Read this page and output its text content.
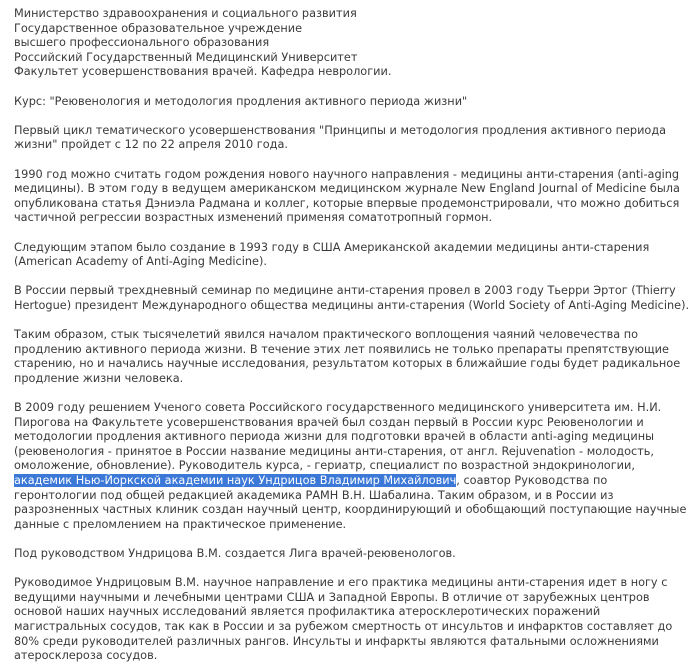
Министерство здравоохранения и социального развития
Государственное образовательное учреждение
высшего профессионального образования
Российский Государственный Медицинский Университет
Факультет усовершенствования врачей. Кафедра неврологии.

Курс: "Реювенология и методология продления активного периода жизни"

Первый цикл тематического усовершенствования "Принципы и методология продления активного периода жизни" пройдет с 12 по 22 апреля 2010 года.

1990 год можно считать годом рождения нового научного направления - медицины анти-старения (anti-aging медицины). В этом году в ведущем американском медицинском журнале New England Journal of Medicine была опубликована статья Дэниэла Радмана и коллег, которые впервые продемонстрировали, что можно добиться частичной регрессии возрастных изменений применяя соматотропный гормон.

Следующим этапом было создание в 1993 году в США Американской академии медицины анти-старения (American Academy of Anti-Aging Medicine).

В России первый трехдневный семинар по медицине анти-старения провел в 2003 году Тьерри Эртог (Thierry Hertogue) президент Международного общества медицины анти-старения (World Society of Anti-Aging Medicine).

Таким образом, стык тысячелетий явился началом практического воплощения чаяний человечества по продлению активного периода жизни. В течение этих лет появились не только препараты препятствующие старению, но и начались научные исследования, результатом которых в ближайшие годы будет радикальное продление жизни человека.

В 2009 году решением Ученого совета Российского государственного медицинского университета им. Н.И. Пирогова на Факультете усовершенствования врачей был создан первый в России курс Реювенологии и методологии продления активного периода жизни для подготовки врачей в области anti-aging медицины (реювенология - принятое в России название медицины анти-старения, от англ. Rejuvenation - молодость, омоложение, обновление). Руководитель курса, - гериатр, специалист по возрастной эндокринологии, академик Нью-Йоркской академии наук Ундрицов Владимир Михайлович, соавтор Руководства по геронтологии под общей редакцией академика РАМН В.Н. Шабалина. Таким образом, и в России из разрозненных частных клиник создан научный центр, координирующий и обобщающий поступающие научные данные с преломлением на практическое применение.

Под руководством Ундрицова В.М. создается Лига врачей-реювенологов.

Руководимое Ундрицовым В.М. научное направление и его практика медицины анти-старения идет в ногу с ведущими научными и лечебными центрами США и Западной Европы. В отличие от зарубежных центров основой наших научных исследований является профилактика атеросклеротических поражений магистральных сосудов, так как в России и за рубежом смертность от инсультов и инфарктов составляет до 80% среди руководителей различных рангов. Инсульты и инфаркты являются фатальными осложнениями атеросклероза сосудов.
